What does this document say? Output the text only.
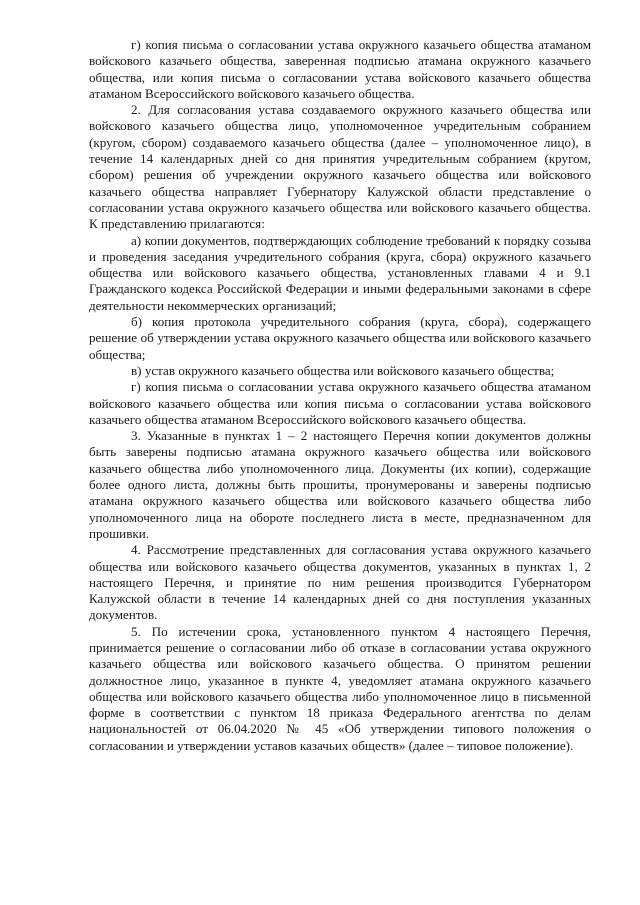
г) копия письма о согласовании устава окружного казачьего общества атаманом войскового казачьего общества, заверенная подписью атамана окружного казачьего общества, или копия письма о согласовании устава войскового казачьего общества атаманом Всероссийского войскового казачьего общества.

2. Для согласования устава создаваемого окружного казачьего общества или войскового казачьего общества лицо, уполномоченное учредительным собранием (кругом, сбором) создаваемого казачьего общества (далее – уполномоченное лицо), в течение 14 календарных дней со дня принятия учредительным собранием (кругом, сбором) решения об учреждении окружного казачьего общества или войскового казачьего общества направляет Губернатору Калужской области представление о согласовании устава окружного казачьего общества или войскового казачьего общества. К представлению прилагаются:

а) копии документов, подтверждающих соблюдение требований к порядку созыва и проведения заседания учредительного собрания (круга, сбора) окружного казачьего общества или войскового казачьего общества, установленных главами 4 и 9.1 Гражданского кодекса Российской Федерации и иными федеральными законами в сфере деятельности некоммерческих организаций;

б) копия протокола учредительного собрания (круга, сбора), содержащего решение об утверждении устава окружного казачьего общества или войскового казачьего общества;

в) устав окружного казачьего общества или войскового казачьего общества;

г) копия письма о согласовании устава окружного казачьего общества атаманом войскового казачьего общества или копия письма о согласовании устава войскового казачьего общества атаманом Всероссийского войскового казачьего общества.

3. Указанные в пунктах 1 – 2 настоящего Перечня копии документов должны быть заверены подписью атамана окружного казачьего общества или войскового казачьего общества либо уполномоченного лица. Документы (их копии), содержащие более одного листа, должны быть прошиты, пронумерованы и заверены подписью атамана окружного казачьего общества или войскового казачьего общества либо уполномоченного лица на обороте последнего листа в месте, предназначенном для прошивки.

4. Рассмотрение представленных для согласования устава окружного казачьего общества или войскового казачьего общества документов, указанных в пунктах 1, 2 настоящего Перечня, и принятие по ним решения производится Губернатором Калужской области в течение 14 календарных дней со дня поступления указанных документов.

5. По истечении срока, установленного пунктом 4 настоящего Перечня, принимается решение о согласовании либо об отказе в согласовании устава окружного казачьего общества или войскового казачьего общества. О принятом решении должностное лицо, указанное в пункте 4, уведомляет атамана окружного казачьего общества или войскового казачьего общества либо уполномоченное лицо в письменной форме в соответствии с пунктом 18 приказа Федерального агентства по делам национальностей от 06.04.2020 № 45 «Об утверждении типового положения о согласовании и утверждении уставов казачьих обществ» (далее – типовое положение).
